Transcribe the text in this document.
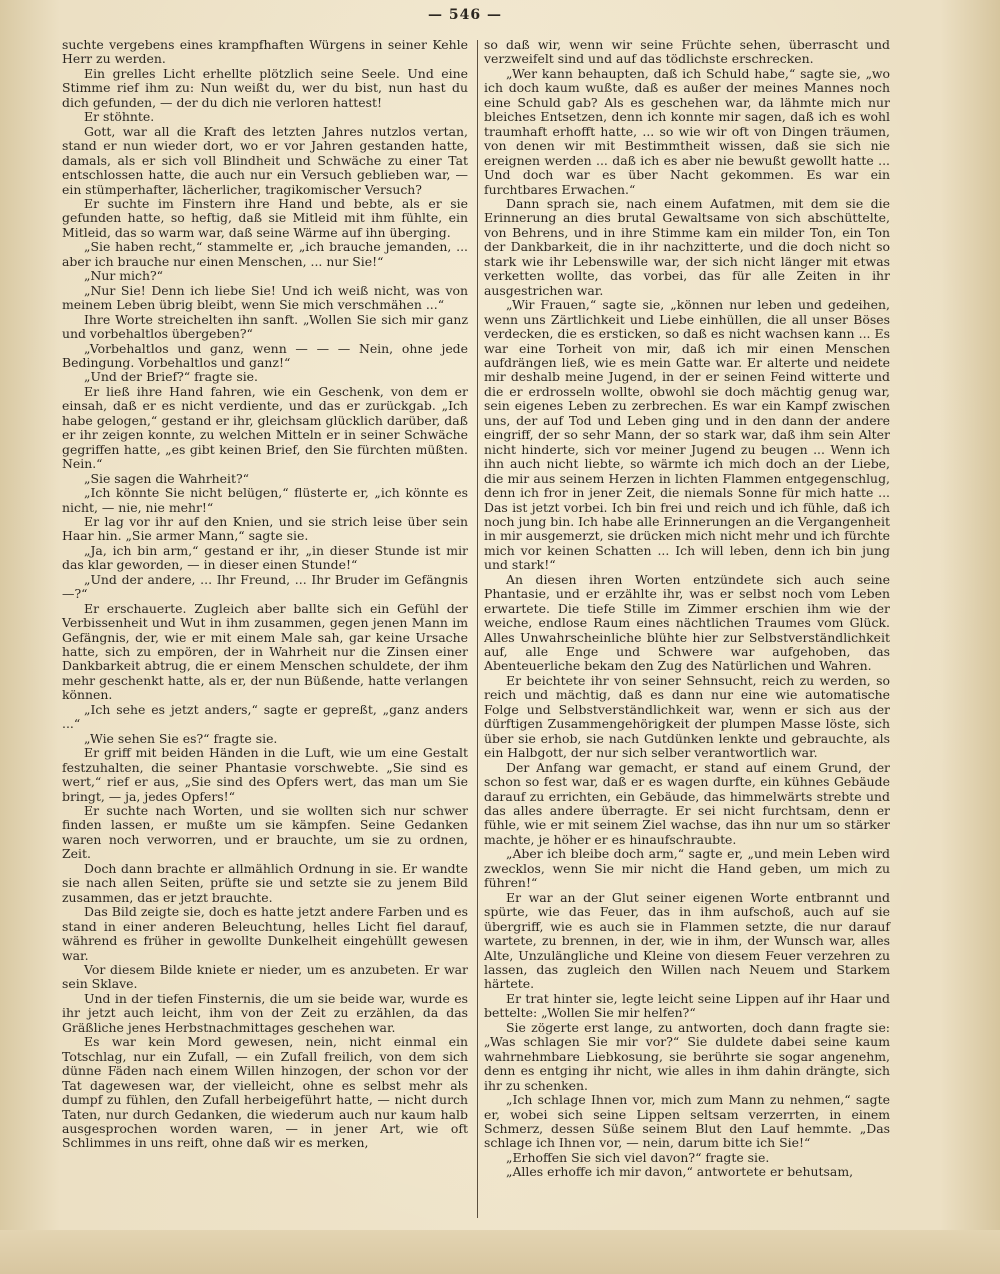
— 546 —

suchte vergebens eines krampfhaften Würgens in seiner Kehle Herr zu werden.

Ein grelles Licht erhellte plötzlich seine Seele. Und eine Stimme rief ihm zu: Nun weißt du, wer du bist, nun hast du dich gefunden, — der du dich nie verloren hattest!

Er stöhnte.

Gott, war all die Kraft des letzten Jahres nutzlos vertan, stand er nun wieder dort, wo er vor Jahren gestanden hatte, damals, als er sich voll Blindheit und Schwäche zu einer Tat entschlossen hatte, die auch nur ein Versuch geblieben war, — ein stümperhafter, lächerlicher, tragikomischer Versuch?

Er suchte im Finstern ihre Hand und bebte, als er sie gefunden hatte, so heftig, daß sie Mitleid mit ihm fühlte, ein Mitleid, das so warm war, daß seine Wärme auf ihn überging.

„Sie haben recht,“ stammelte er, „ich brauche jemanden, ... aber ich brauche nur einen Menschen, ... nur Sie!“

„Nur mich?“

„Nur Sie! Denn ich liebe Sie! Und ich weiß nicht, was von meinem Leben übrig bleibt, wenn Sie mich verschmähen ...“

Ihre Worte streichelten ihn sanft. „Wollen Sie sich mir ganz und vorbehaltlos übergeben?“

„Vorbehaltlos und ganz, wenn — — — Nein, ohne jede Bedingung. Vorbehaltlos und ganz!“

„Und der Brief?“ fragte sie.

Er ließ ihre Hand fahren, wie ein Geschenk, von dem er einsah, daß er es nicht verdiente, und das er zurückgab. „Ich habe gelogen,“ gestand er ihr, gleichsam glücklich darüber, daß er ihr zeigen konnte, zu welchen Mitteln er in seiner Schwäche gegriffen hatte, „es gibt keinen Brief, den Sie fürchten müßten. Nein.“

„Sie sagen die Wahrheit?“

„Ich könnte Sie nicht belügen,“ flüsterte er, „ich könnte es nicht, — nie, nie mehr!“

Er lag vor ihr auf den Knien, und sie strich leise über sein Haar hin. „Sie armer Mann,“ sagte sie.

„Ja, ich bin arm,“ gestand er ihr, „in dieser Stunde ist mir das klar geworden, — in dieser einen Stunde!“

„Und der andere, ... Ihr Freund, ... Ihr Bruder im Gefängnis —?“

Er erschauerte. Zugleich aber ballte sich ein Gefühl der Verbissenheit und Wut in ihm zusammen, gegen jenen Mann im Gefängnis, der, wie er mit einem Male sah, gar keine Ursache hatte, sich zu empören, der in Wahrheit nur die Zinsen einer Dankbarkeit abtrug, die er einem Menschen schuldete, der ihm mehr geschenkt hatte, als er, der nun Büßende, hatte verlangen können.

„Ich sehe es jetzt anders,“ sagte er gepreßt, „ganz anders ...“

„Wie sehen Sie es?“ fragte sie.

Er griff mit beiden Händen in die Luft, wie um eine Gestalt festzuhalten, die seiner Phantasie vorschwebte. „Sie sind es wert,“ rief er aus, „Sie sind des Opfers wert, das man um Sie bringt, — ja, jedes Opfers!“

Er suchte nach Worten, und sie wollten sich nur schwer finden lassen, er mußte um sie kämpfen. Seine Gedanken waren noch verworren, und er brauchte, um sie zu ordnen, Zeit.

Doch dann brachte er allmählich Ordnung in sie. Er wandte sie nach allen Seiten, prüfte sie und setzte sie zu jenem Bild zusammen, das er jetzt brauchte.

Das Bild zeigte sie, doch es hatte jetzt andere Farben und es stand in einer anderen Beleuchtung, helles Licht fiel darauf, während es früher in gewollte Dunkelheit eingehüllt gewesen war.

Vor diesem Bilde kniete er nieder, um es anzubeten. Er war sein Sklave.

Und in der tiefen Finsternis, die um sie beide war, wurde es ihr jetzt auch leicht, ihm von der Zeit zu erzählen, da das Gräßliche jenes Herbstnachmittages geschehen war.

Es war kein Mord gewesen, nein, nicht einmal ein Totschlag, nur ein Zufall, — ein Zufall freilich, von dem sich dünne Fäden nach einem Willen hinzogen, der schon vor der Tat dagewesen war, der vielleicht, ohne es selbst mehr als dumpf zu fühlen, den Zufall herbeigeführt hatte, — nicht durch Taten, nur durch Gedanken, die wiederum auch nur kaum halb ausgesprochen worden waren, — in jener Art, wie oft Schlimmes in uns reift, ohne daß wir es merken,

so daß wir, wenn wir seine Früchte sehen, überrascht und verzweifelt sind und auf das tödlichste erschrecken.

„Wer kann behaupten, daß ich Schuld habe,“ sagte sie, „wo ich doch kaum wußte, daß es außer der meines Mannes noch eine Schuld gab? Als es geschehen war, da lähmte mich nur bleiches Entsetzen, denn ich konnte mir sagen, daß ich es wohl traumhaft erhofft hatte, ... so wie wir oft von Dingen träumen, von denen wir mit Bestimmtheit wissen, daß sie sich nie ereignen werden ... daß ich es aber nie bewußt gewollt hatte ... Und doch war es über Nacht gekommen. Es war ein furchtbares Erwachen.“

Dann sprach sie, nach einem Aufatmen, mit dem sie die Erinnerung an dies brutal Gewaltsame von sich abschüttelte, von Behrens, und in ihre Stimme kam ein milder Ton, ein Ton der Dankbarkeit, die in ihr nachzitterte, und die doch nicht so stark wie ihr Lebenswille war, der sich nicht länger mit etwas verketten wollte, das vorbei, das für alle Zeiten in ihr ausgestrichen war.

„Wir Frauen,“ sagte sie, „können nur leben und gedeihen, wenn uns Zärtlichkeit und Liebe einhüllen, die all unser Böses verdecken, die es ersticken, so daß es nicht wachsen kann ... Es war eine Torheit von mir, daß ich mir einen Menschen aufdrängen ließ, wie es mein Gatte war. Er alterte und neidete mir deshalb meine Jugend, in der er seinen Feind witterte und die er erdrosseln wollte, obwohl sie doch mächtig genug war, sein eigenes Leben zu zerbrechen. Es war ein Kampf zwischen uns, der auf Tod und Leben ging und in den dann der andere eingriff, der so sehr Mann, der so stark war, daß ihm sein Alter nicht hinderte, sich vor meiner Jugend zu beugen ... Wenn ich ihn auch nicht liebte, so wärmte ich mich doch an der Liebe, die mir aus seinem Herzen in lichten Flammen entgegenschlug, denn ich fror in jener Zeit, die niemals Sonne für mich hatte ... Das ist jetzt vorbei. Ich bin frei und reich und ich fühle, daß ich noch jung bin. Ich habe alle Erinnerungen an die Vergangenheit in mir ausgemerzt, sie drücken mich nicht mehr und ich fürchte mich vor keinen Schatten ... Ich will leben, denn ich bin jung und stark!“

An diesen ihren Worten entzündete sich auch seine Phantasie, und er erzählte ihr, was er selbst noch vom Leben erwartete. Die tiefe Stille im Zimmer erschien ihm wie der weiche, endlose Raum eines nächtlichen Traumes vom Glück. Alles Unwahrscheinliche blühte hier zur Selbstverständlichkeit auf, alle Enge und Schwere war aufgehoben, das Abenteuerliche bekam den Zug des Natürlichen und Wahren.

Er beichtete ihr von seiner Sehnsucht, reich zu werden, so reich und mächtig, daß es dann nur eine wie automatische Folge und Selbstverständlichkeit war, wenn er sich aus der dürftigen Zusammengehörigkeit der plumpen Masse löste, sich über sie erhob, sie nach Gutdünken lenkte und gebrauchte, als ein Halbgott, der nur sich selber verantwortlich war.

Der Anfang war gemacht, er stand auf einem Grund, der schon so fest war, daß er es wagen durfte, ein kühnes Gebäude darauf zu errichten, ein Gebäude, das himmelwärts strebte und das alles andere überragte. Er sei nicht furchtsam, denn er fühle, wie er mit seinem Ziel wachse, das ihn nur um so stärker machte, je höher er es hinaufschraubte.

„Aber ich bleibe doch arm,“ sagte er, „und mein Leben wird zwecklos, wenn Sie mir nicht die Hand geben, um mich zu führen!“

Er war an der Glut seiner eigenen Worte entbrannt und spürte, wie das Feuer, das in ihm aufschoß, auch auf sie übergriff, wie es auch sie in Flammen setzte, die nur darauf wartete, zu brennen, in der, wie in ihm, der Wunsch war, alles Alte, Unzulängliche und Kleine von diesem Feuer verzehren zu lassen, das zugleich den Willen nach Neuem und Starkem härtete.

Er trat hinter sie, legte leicht seine Lippen auf ihr Haar und bettelte: „Wollen Sie mir helfen?“

Sie zögerte erst lange, zu antworten, doch dann fragte sie: „Was schlagen Sie mir vor?“ Sie duldete dabei seine kaum wahrnehmbare Liebkosung, sie berührte sie sogar angenehm, denn es entging ihr nicht, wie alles in ihm dahin drängte, sich ihr zu schenken.

„Ich schlage Ihnen vor, mich zum Mann zu nehmen,“ sagte er, wobei sich seine Lippen seltsam verzerrten, in einem Schmerz, dessen Süße seinem Blut den Lauf hemmte. „Das schlage ich Ihnen vor, — nein, darum bitte ich Sie!“

„Erhoffen Sie sich viel davon?“ fragte sie.

„Alles erhoffe ich mir davon,“ antwortete er behutsam,
